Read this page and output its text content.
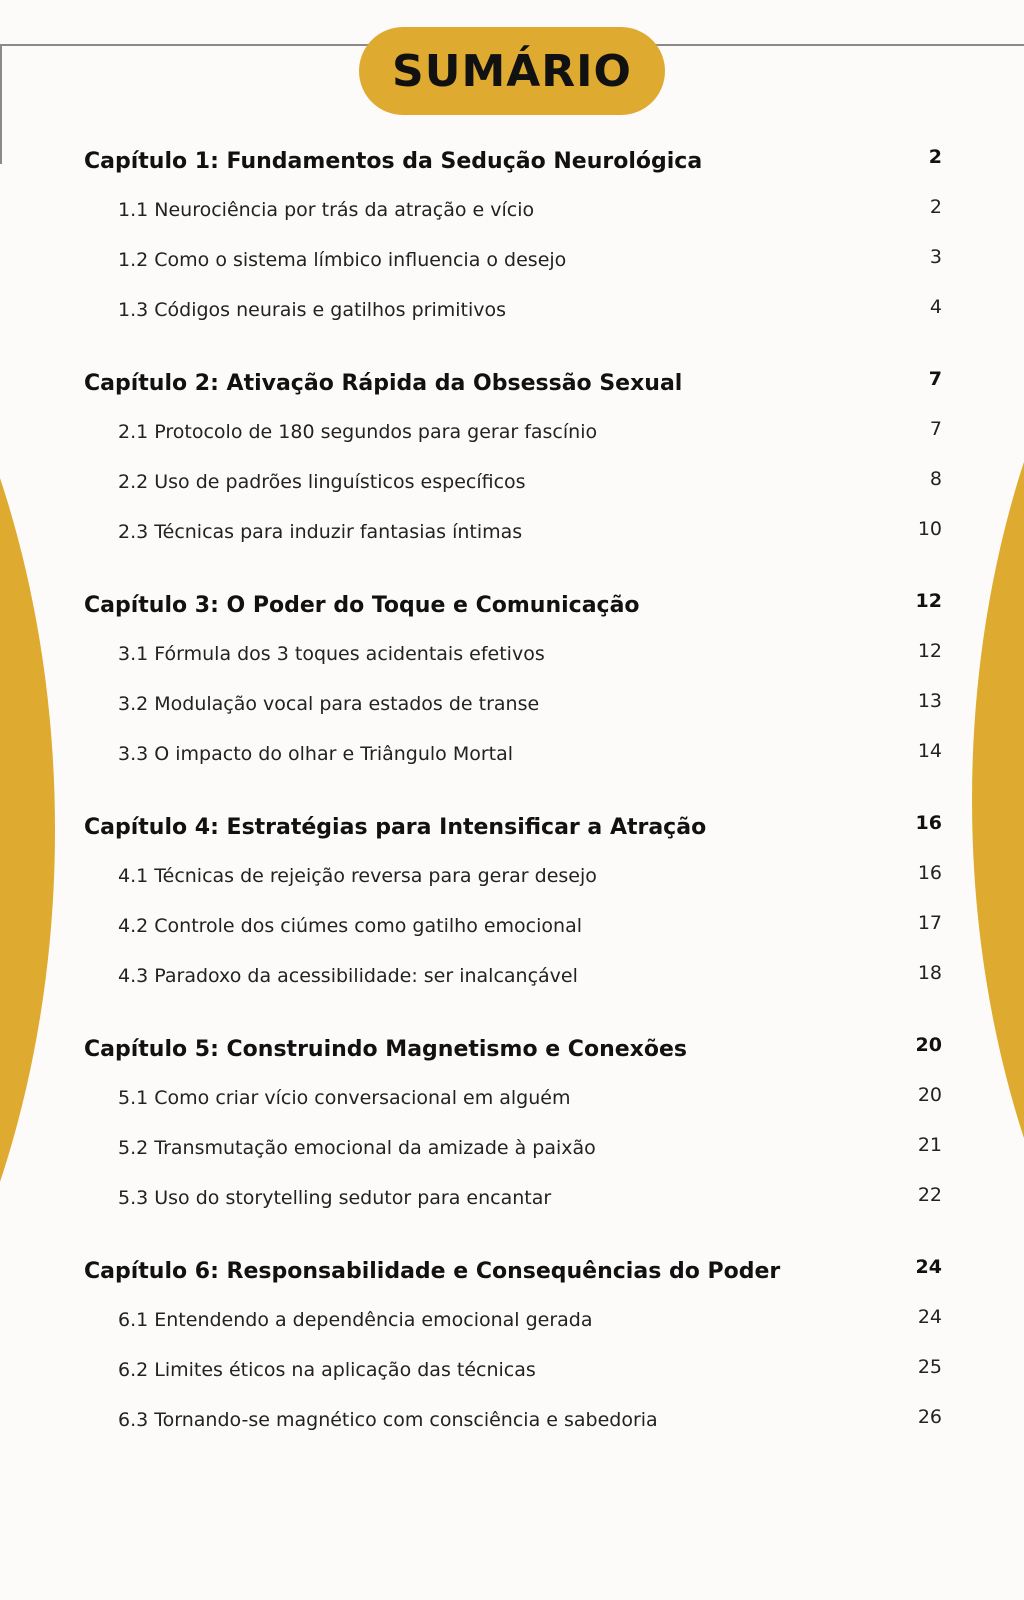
SUMÁRIO
Capítulo 1: Fundamentos da Sedução Neurológica	2
1.1 Neurociência por trás da atração e vício	2
1.2 Como o sistema límbico influencia o desejo	3
1.3 Códigos neurais e gatilhos primitivos	4
Capítulo 2: Ativação Rápida da Obsessão Sexual	7
2.1 Protocolo de 180 segundos para gerar fascínio	7
2.2 Uso de padrões linguísticos específicos	8
2.3 Técnicas para induzir fantasias íntimas	10
Capítulo 3: O Poder do Toque e Comunicação	12
3.1 Fórmula dos 3 toques acidentais efetivos	12
3.2 Modulação vocal para estados de transe	13
3.3 O impacto do olhar e Triângulo Mortal	14
Capítulo 4: Estratégias para Intensificar a Atração	16
4.1 Técnicas de rejeição reversa para gerar desejo	16
4.2 Controle dos ciúmes como gatilho emocional	17
4.3 Paradoxo da acessibilidade: ser inalcançável	18
Capítulo 5: Construindo Magnetismo e Conexões	20
5.1 Como criar vício conversacional em alguém	20
5.2 Transmutação emocional da amizade à paixão	21
5.3 Uso do storytelling sedutor para encantar	22
Capítulo 6: Responsabilidade e Consequências do Poder	24
6.1 Entendendo a dependência emocional gerada	24
6.2 Limites éticos na aplicação das técnicas	25
6.3 Tornando-se magnético com consciência e sabedoria	26
